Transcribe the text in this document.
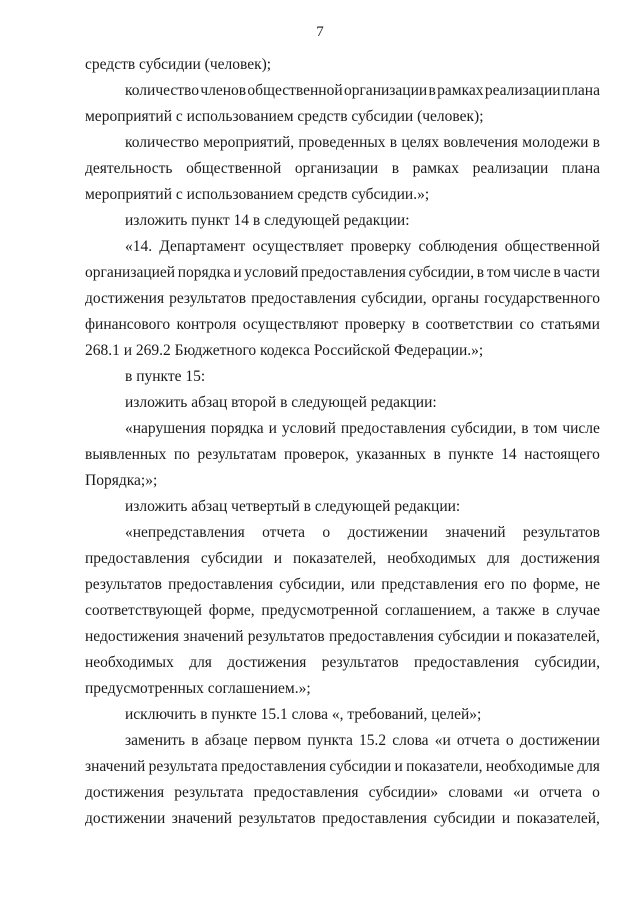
7
средств субсидии (человек);
количество членов общественной организации в рамках реализации плана
мероприятий с использованием средств субсидии (человек);
количество мероприятий, проведенных в целях вовлечения молодежи в
деятельность общественной организации в рамках реализации плана
мероприятий с использованием средств субсидии.»;
изложить пункт 14 в следующей редакции:
«14. Департамент осуществляет проверку соблюдения общественной
организацией порядка и условий предоставления субсидии, в том числе в части
достижения результатов предоставления субсидии, органы государственного
финансового контроля осуществляют проверку в соответствии со статьями
268.1 и 269.2 Бюджетного кодекса Российской Федерации.»;
в пункте 15:
изложить абзац второй в следующей редакции:
«нарушения порядка и условий предоставления субсидии, в том числе
выявленных по результатам проверок, указанных в пункте 14 настоящего
Порядка;»;
изложить абзац четвертый в следующей редакции:
«непредставления отчета о достижении значений результатов
предоставления субсидии и показателей, необходимых для достижения
результатов предоставления субсидии, или представления его по форме, не
соответствующей форме, предусмотренной соглашением, а также в случае
недостижения значений результатов предоставления субсидии и показателей,
необходимых для достижения результатов предоставления субсидии,
предусмотренных соглашением.»;
исключить в пункте 15.1 слова «, требований, целей»;
заменить в абзаце первом пункта 15.2 слова «и отчета о достижении
значений результата предоставления субсидии и показатели, необходимые для
достижения результата предоставления субсидии» словами «и отчета о
достижении значений результатов предоставления субсидии и показателей,
